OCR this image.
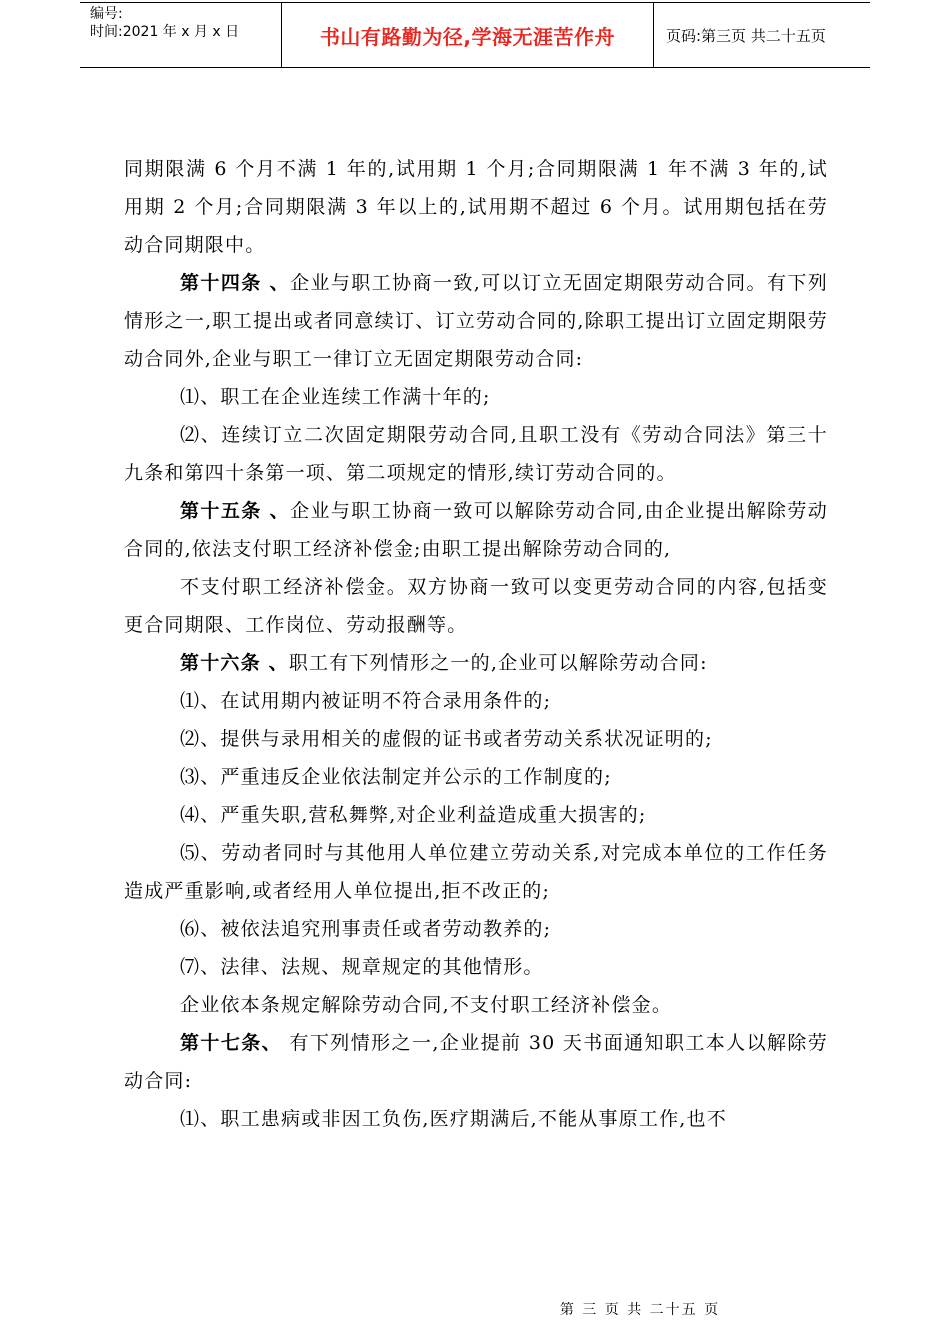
编号:
时间:2021 年 x 月 x 日	书山有路勤为径,学海无涯苦作舟	页码:第三页 共二十五页

同期限满 6 个月不满 1 年的,试用期 1 个月;合同期限满 1 年不满 3 年的,试用期 2 个月;合同期限满 3 年以上的,试用期不超过 6 个月。试用期包括在劳动合同期限中。

第十四条 、企业与职工协商一致,可以订立无固定期限劳动合同。有下列情形之一,职工提出或者同意续订、订立劳动合同的,除职工提出订立固定期限劳动合同外,企业与职工一律订立无固定期限劳动合同:

⑴、职工在企业连续工作满十年的;

⑵、连续订立二次固定期限劳动合同,且职工没有《劳动合同法》第三十九条和第四十条第一项、第二项规定的情形,续订劳动合同的。

第十五条 、企业与职工协商一致可以解除劳动合同,由企业提出解除劳动合同的,依法支付职工经济补偿金;由职工提出解除劳动合同的,

不支付职工经济补偿金。双方协商一致可以变更劳动合同的内容,包括变更合同期限、工作岗位、劳动报酬等。

第十六条 、职工有下列情形之一的,企业可以解除劳动合同:

⑴、在试用期内被证明不符合录用条件的;

⑵、提供与录用相关的虚假的证书或者劳动关系状况证明的;

⑶、严重违反企业依法制定并公示的工作制度的;

⑷、严重失职,营私舞弊,对企业利益造成重大损害的;

⑸、劳动者同时与其他用人单位建立劳动关系,对完成本单位的工作任务造成严重影响,或者经用人单位提出,拒不改正的;

⑹、被依法追究刑事责任或者劳动教养的;

⑺、法律、法规、规章规定的其他情形。

企业依本条规定解除劳动合同,不支付职工经济补偿金。

第十七条、 有下列情形之一,企业提前 30 天书面通知职工本人以解除劳动合同:

⑴、职工患病或非因工负伤,医疗期满后,不能从事原工作,也不

第 三 页 共 二十五 页
